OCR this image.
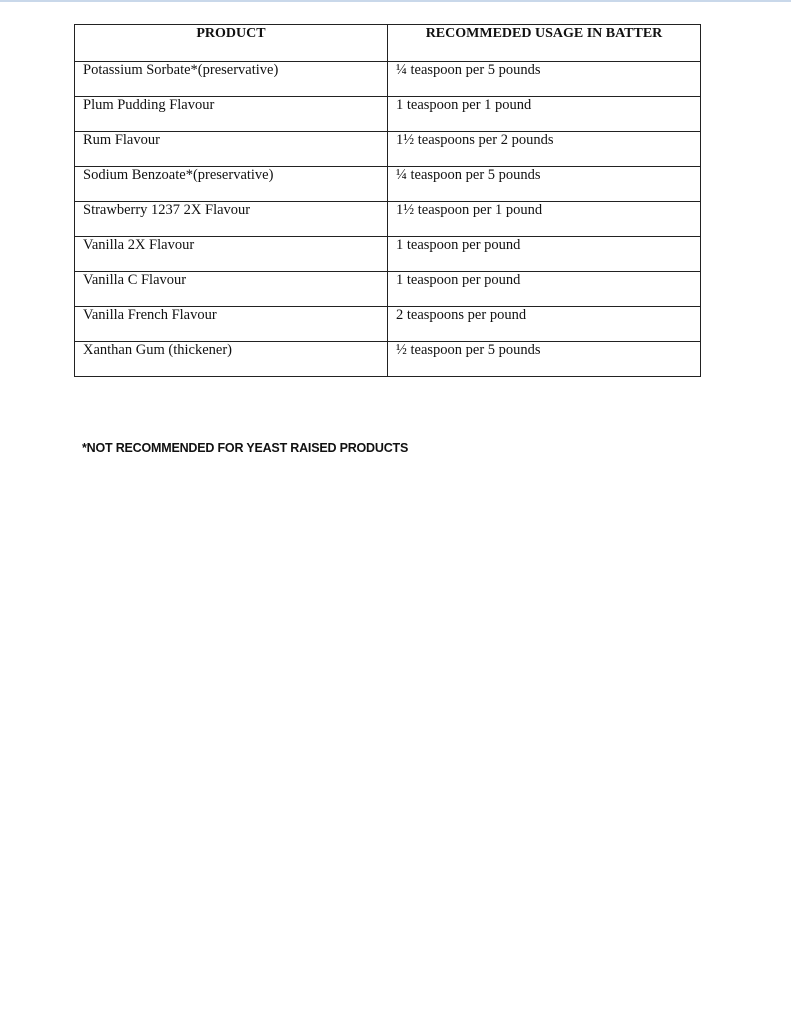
PRODUCT	RECOMMEDED USAGE IN BATTER
Potassium Sorbate*(preservative)	¼ teaspoon per 5 pounds
Plum Pudding Flavour	1 teaspoon per 1 pound
Rum Flavour	1½ teaspoons per 2 pounds
Sodium Benzoate*(preservative)	¼ teaspoon per 5 pounds
Strawberry 1237 2X Flavour	1½ teaspoon per 1 pound
Vanilla 2X Flavour	1 teaspoon per pound
Vanilla C Flavour	1 teaspoon per pound
Vanilla French Flavour	2 teaspoons per pound
Xanthan Gum (thickener)	½ teaspoon per 5 pounds
*NOT RECOMMENDED FOR YEAST RAISED PRODUCTS
